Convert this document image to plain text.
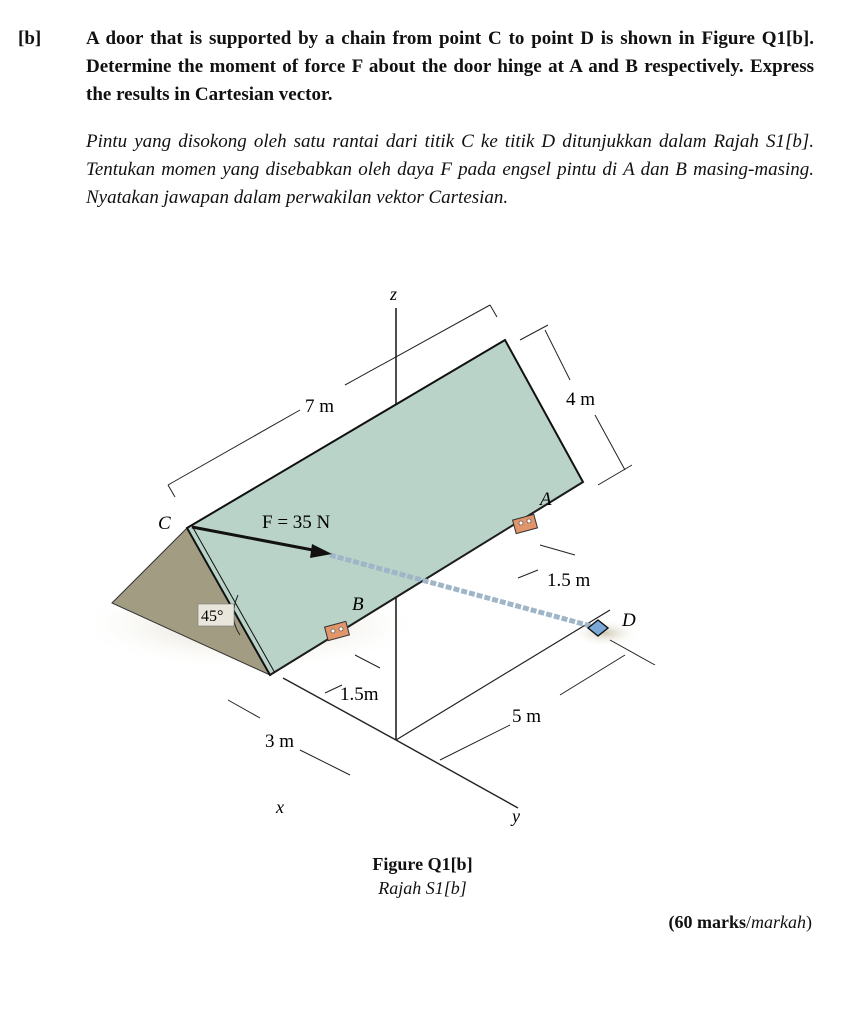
[b] A door that is supported by a chain from point C to point D is shown in Figure Q1[b]. Determine the moment of force F about the door hinge at A and B respectively. Express the results in Cartesian vector.

Pintu yang disokong oleh satu rantai dari titik C ke titik D ditunjukkan dalam Rajah S1[b]. Tentukan momen yang disebabkan oleh daya F pada engsel pintu di A dan B masing-masing. Nyatakan jawapan dalam perwakilan vektor Cartesian.

z
x	y
7 m	4 m
A
C	F = 35 N
1.5 m
B
D
45°
1.5m
5 m
3 m
Figure Q1[b]
Rajah S1[b]
(60 marks/markah)
